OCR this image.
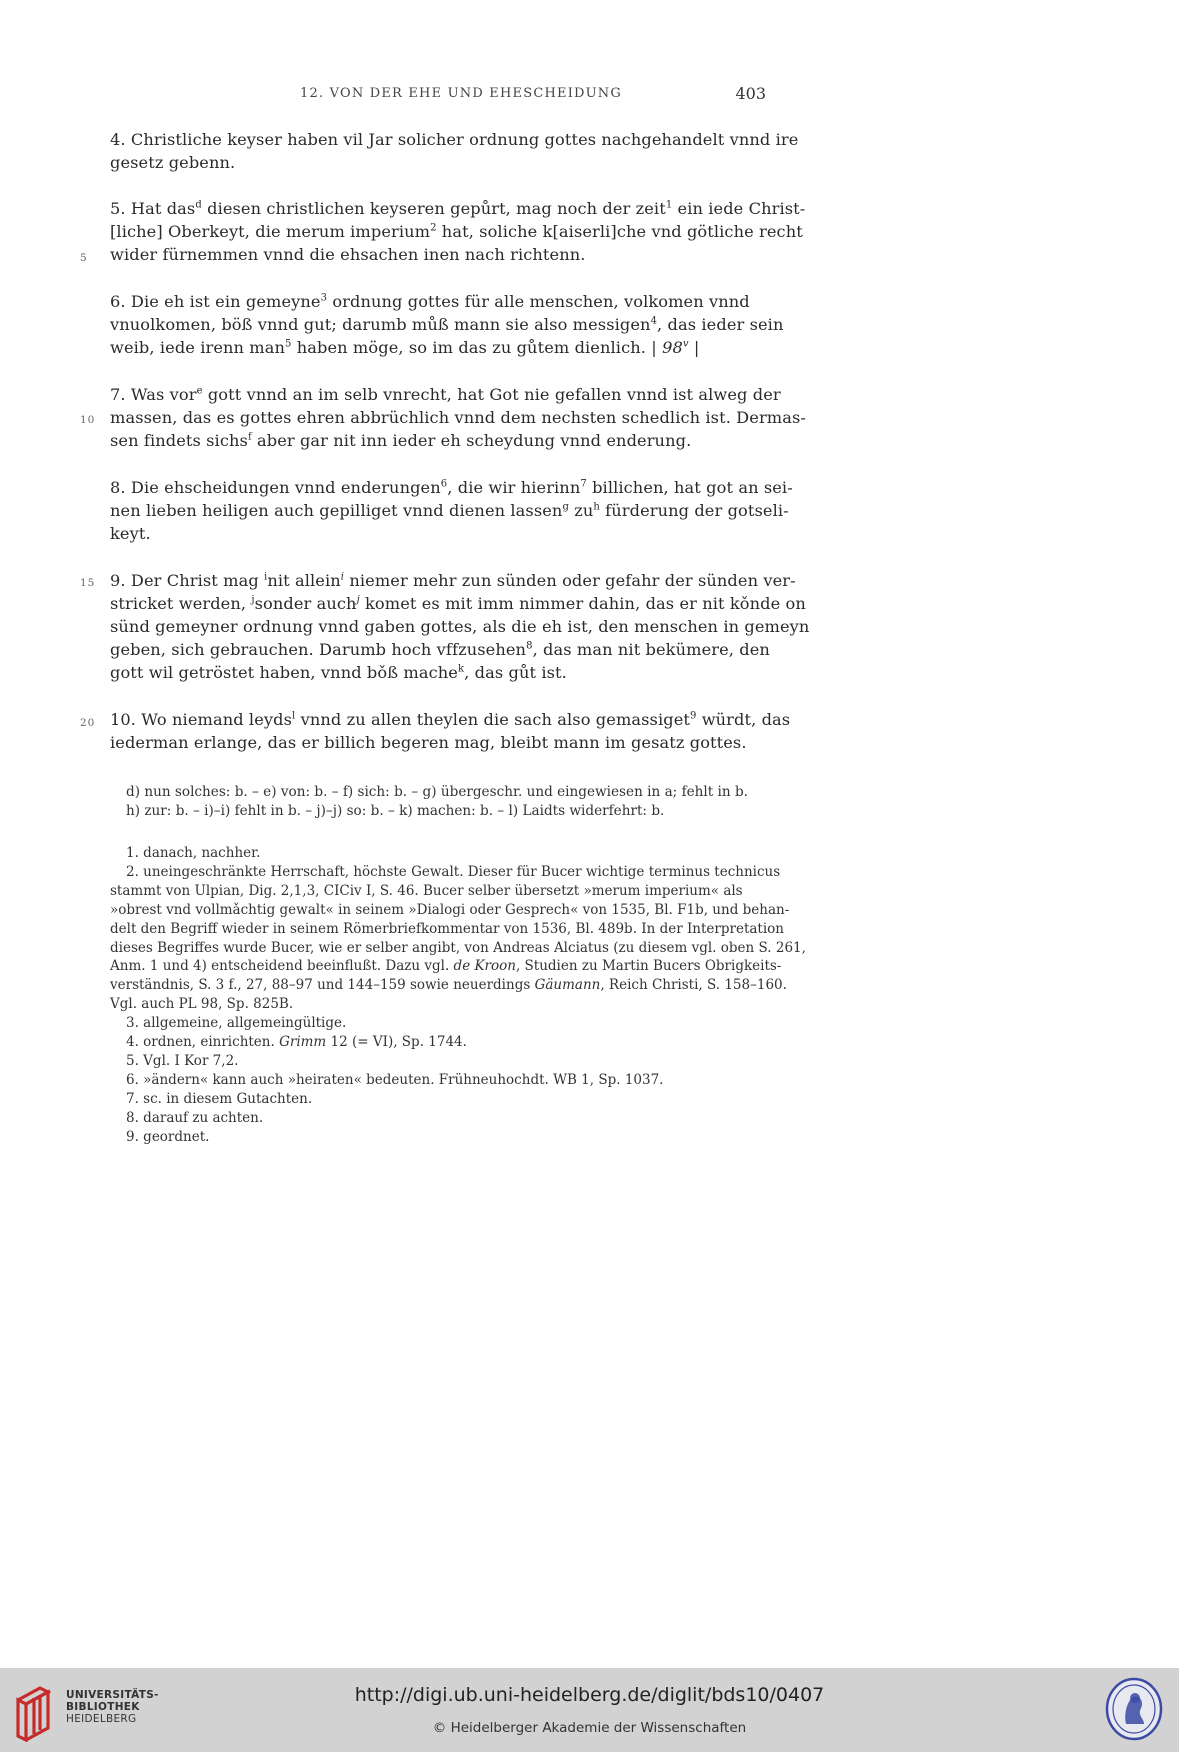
12. VON DER EHE UND EHESCHEIDUNG	403
5
10
15
20

4. Christliche keyser haben vil Jar solicher ordnung gottes nachgehandelt vnnd ire
gesetz gebenn.

5. Hat das$^d$ diesen christlichen keyseren gepůrt, mag noch der zeit$^1$ ein iede Christ-
[liche] Oberkeyt, die merum imperium$^2$ hat, soliche k[aiserli]che vnd götliche recht
wider fürnemmen vnnd die ehsachen inen nach richtenn.

6. Die eh ist ein gemeyne$^3$ ordnung gottes für alle menschen, volkomen vnnd
vnuolkomen, böß vnnd gut; darumb můß mann sie also messigen$^4$, das ieder sein
weib, iede irenn man$^5$ haben möge, so im das zu gůtem dienlich. | 98$^v$ |

7. Was vor$^e$ gott vnnd an im selb vnrecht, hat Got nie gefallen vnnd ist alweg der
massen, das es gottes ehren abbrüchlich vnnd dem nechsten schedlich ist. Dermas-
sen findets sichs$^f$ aber gar nit inn ieder eh scheydung vnnd enderung.

8. Die ehscheidungen vnnd enderungen$^6$, die wir hierinn$^7$ billichen, hat got an sei-
nen lieben heiligen auch gepilliget vnnd dienen lassen$^g$ $zu^h$ fürderung der gotseli-
keyt.

9. Der Christ mag $^i$nit allein$^i$ niemer mehr zun sünden oder gefahr der sünden ver-
stricket werden, $^j$sonder auch$^j$ komet es mit imm nimmer dahin, das er nit kǒnde on
sünd gemeyner ordnung vnnd gaben gottes, als die eh ist, den menschen in gemeyn
geben, sich gebrauchen. Darumb hoch vffzusehen$^8$, das man nit bekümere, den
gott wil getröstet haben, vnnd bǒß mache$^k$, das gůt ist.

10. Wo niemand leyds$^l$ vnnd zu allen theylen die sach also gemassiget$^9$ würdt, das
iederman erlange, das er billich begeren mag, bleibt mann im gesatz gottes.

d) nun solches: b. – e) von: b. – f) sich: b. – g) übergeschr. und eingewiesen in a; fehlt in b.
h) zur: b. – i)–i) fehlt in b. – j)–j) so: b. – k) machen: b. – l) Laidts widerfehrt: b.
1. danach, nachher.
2. uneingeschränkte Herrschaft, höchste Gewalt. Dieser für Bucer wichtige terminus technicus
stammt von Ulpian, Dig. 2,1,3, CICiv I, S. 46. Bucer selber übersetzt »merum imperium« als
»obrest vnd vollmǎchtig gewalt« in seinem »Dialogi oder Gesprech« von 1535, Bl. F1b, und behan-
delt den Begriff wieder in seinem Römerbriefkommentar von 1536, Bl. 489b. In der Interpretation
dieses Begriffes wurde Bucer, wie er selber angibt, von Andreas Alciatus (zu diesem vgl. oben S. 261,
Anm. 1 und 4) entscheidend beeinflußt. Dazu vgl. de Kroon, Studien zu Martin Bucers Obrigkeits-
verständnis, S. 3 f., 27, 88–97 und 144–159 sowie neuerdings Gäumann, Reich Christi, S. 158–160.
Vgl. auch PL 98, Sp. 825B.
3. allgemeine, allgemeingültige.
4. ordnen, einrichten. Grimm 12 (= VI), Sp. 1744.
5. Vgl. I Kor 7,2.
6. »ändern« kann auch »heiraten« bedeuten. Frühneuhochdt. WB 1, Sp. 1037.
7. sc. in diesem Gutachten.
8. darauf zu achten.
9. geordnet.
UNIVERSITÄTS-
BIBLIOTHEK
HEIDELBERG
http://digi.ub.uni-heidelberg.de/diglit/bds10/0407
© Heidelberger Akademie der Wissenschaften
